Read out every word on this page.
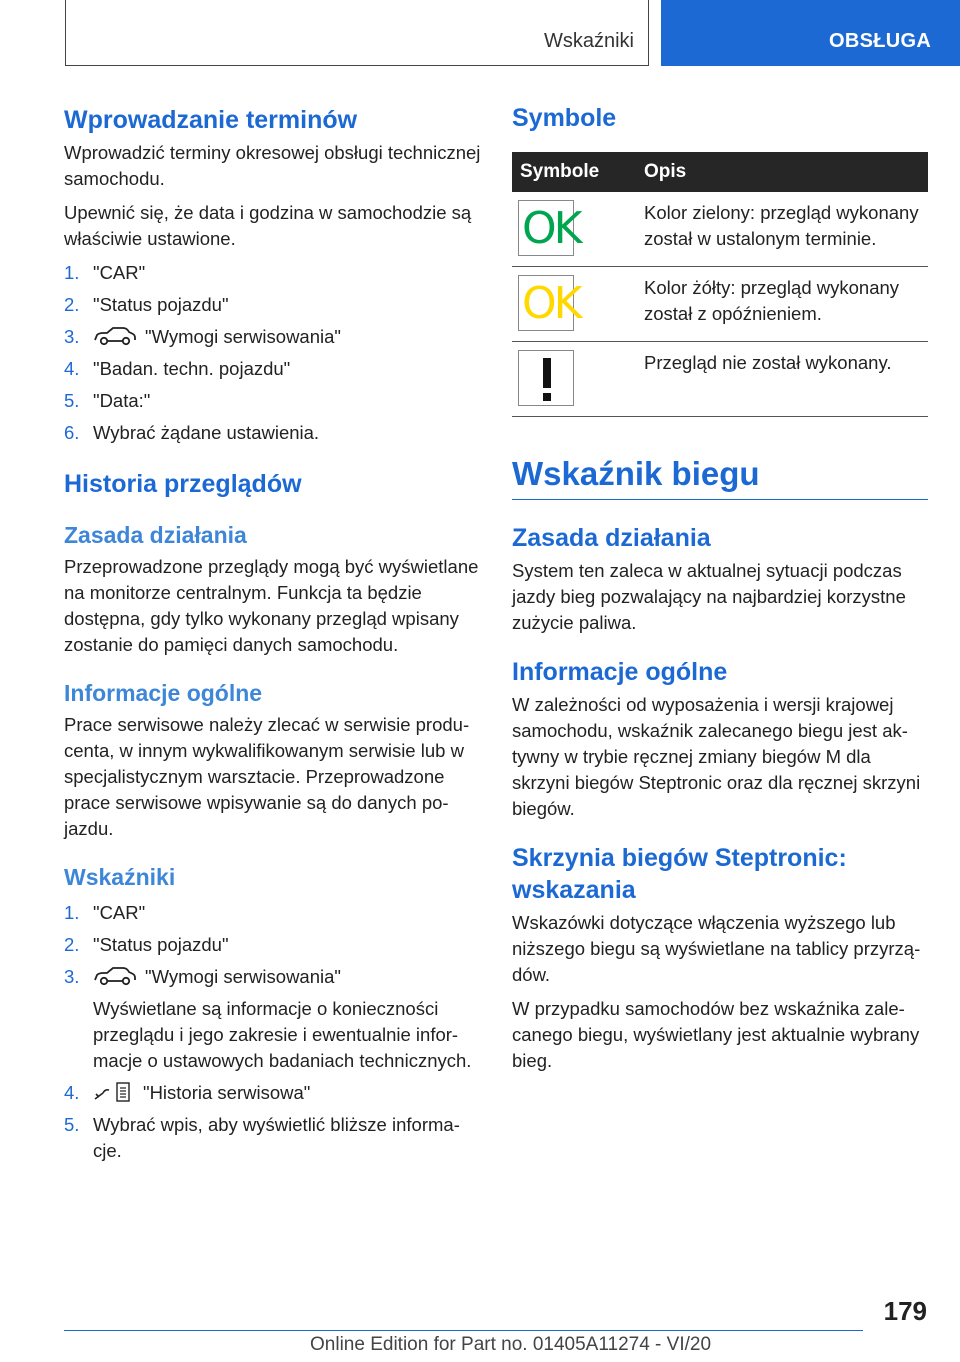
Wskaźniki	OBSŁUGA
Wprowadzanie terminów

Wprowadzić terminy okresowej obsługi technicznej samochodu.

Upewnić się, że data i godzina w samochodzie są właściwie ustawione.

1. "CAR"
2. "Status pojazdu"
3.	"Wymogi serwisowania"
4. "Badan. techn. pojazdu"
5. "Data:"
6. Wybrać żądane ustawienia.
Historia przeglądów
Zasada działania

Przeprowadzone przeglądy mogą być wyświetlane na monitorze centralnym. Funkcja ta będzie dostępna, gdy tylko wykonany przegląd wpisany zostanie do pamięci danych samochodu.

Informacje ogólne

Prace serwisowe należy zlecać w serwisie producenta, w innym wykwalifikowanym serwisie lub w specjalistycznym warsztacie. Przeprowadzone prace serwisowe wpisywanie są do danych pojazdu.

Wskaźniki
1. "CAR"
2. "Status pojazdu"
3.	"Wymogi serwisowania"
Wyświetlane są informacje o konieczności przeglądu i jego zakresie i ewentualnie informacje o ustawowych badaniach technicznych.
4.	"Historia serwisowa"
5. Wybrać wpis, aby wyświetlić bliższe informacje.
Symbole
Symbole	Opis

OK	Kolor zielony: przegląd wykonany został w ustalonym terminie.

OK	Kolor żółty: przegląd wykonany został z opóźnieniem.

	Przegląd nie został wykonany.
Wskaźnik biegu
Zasada działania

System ten zaleca w aktualnej sytuacji podczas jazdy bieg pozwalający na najbardziej korzystne zużycie paliwa.

Informacje ogólne

W zależności od wyposażenia i wersji krajowej samochodu, wskaźnik zalecanego biegu jest aktywny w trybie ręcznej zmiany biegów M dla skrzyni biegów Steptronic oraz dla ręcznej skrzyni biegów.

Skrzynia biegów Steptronic: wskazania

Wskazówki dotyczące włączenia wyższego lub niższego biegu są wyświetlane na tablicy przyrządów.

W przypadku samochodów bez wskaźnika zalecanego biegu, wyświetlany jest aktualnie wybrany bieg.

179
Online Edition for Part no. 01405A11274 - VI/20
